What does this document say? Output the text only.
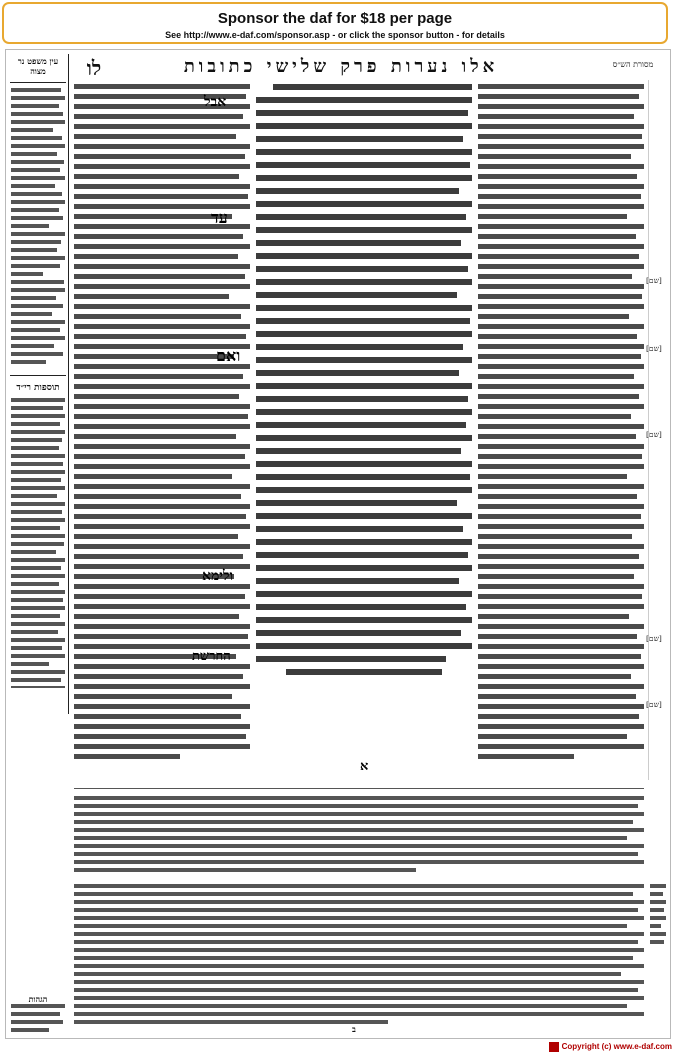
Sponsor the daf for $18 per page
See http://www.e-daf.com/sponsor.asp - or click the sponsor button - for details
אלו נערות פרק שלישי כתובות
לו
עין משפט נר מצוה
מסורת הש״ס
תוספות רי״ד
הגהות
אבל
עד
ואם
ולימא
החרשת
א
[שם]
[שם]
[שם]
[שם]
[שם]
ב
Copyright (c) www.e-daf.com
